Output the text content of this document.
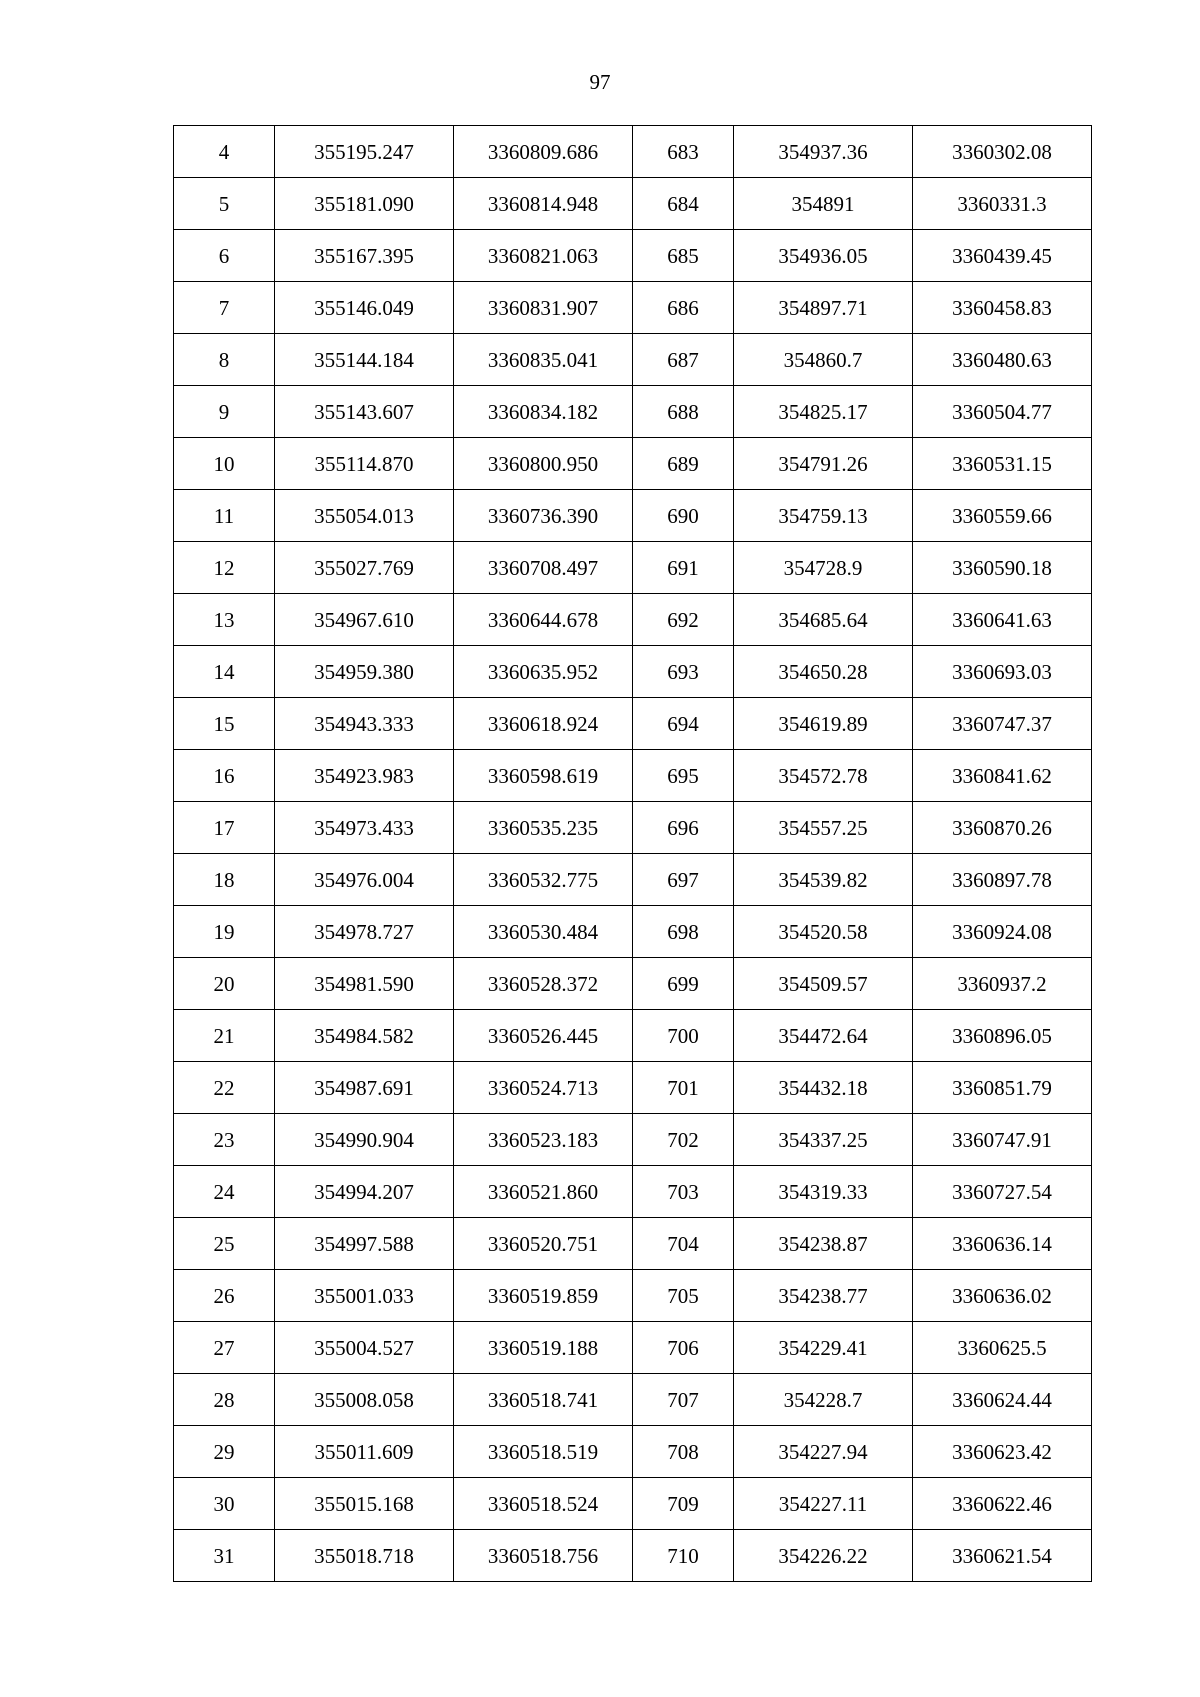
97
4	355195.247	3360809.686	683	354937.36	3360302.08
5	355181.090	3360814.948	684	354891	3360331.3
6	355167.395	3360821.063	685	354936.05	3360439.45
7	355146.049	3360831.907	686	354897.71	3360458.83
8	355144.184	3360835.041	687	354860.7	3360480.63
9	355143.607	3360834.182	688	354825.17	3360504.77
10	355114.870	3360800.950	689	354791.26	3360531.15
11	355054.013	3360736.390	690	354759.13	3360559.66
12	355027.769	3360708.497	691	354728.9	3360590.18
13	354967.610	3360644.678	692	354685.64	3360641.63
14	354959.380	3360635.952	693	354650.28	3360693.03
15	354943.333	3360618.924	694	354619.89	3360747.37
16	354923.983	3360598.619	695	354572.78	3360841.62
17	354973.433	3360535.235	696	354557.25	3360870.26
18	354976.004	3360532.775	697	354539.82	3360897.78
19	354978.727	3360530.484	698	354520.58	3360924.08
20	354981.590	3360528.372	699	354509.57	3360937.2
21	354984.582	3360526.445	700	354472.64	3360896.05
22	354987.691	3360524.713	701	354432.18	3360851.79
23	354990.904	3360523.183	702	354337.25	3360747.91
24	354994.207	3360521.860	703	354319.33	3360727.54
25	354997.588	3360520.751	704	354238.87	3360636.14
26	355001.033	3360519.859	705	354238.77	3360636.02
27	355004.527	3360519.188	706	354229.41	3360625.5
28	355008.058	3360518.741	707	354228.7	3360624.44
29	355011.609	3360518.519	708	354227.94	3360623.42
30	355015.168	3360518.524	709	354227.11	3360622.46
31	355018.718	3360518.756	710	354226.22	3360621.54
